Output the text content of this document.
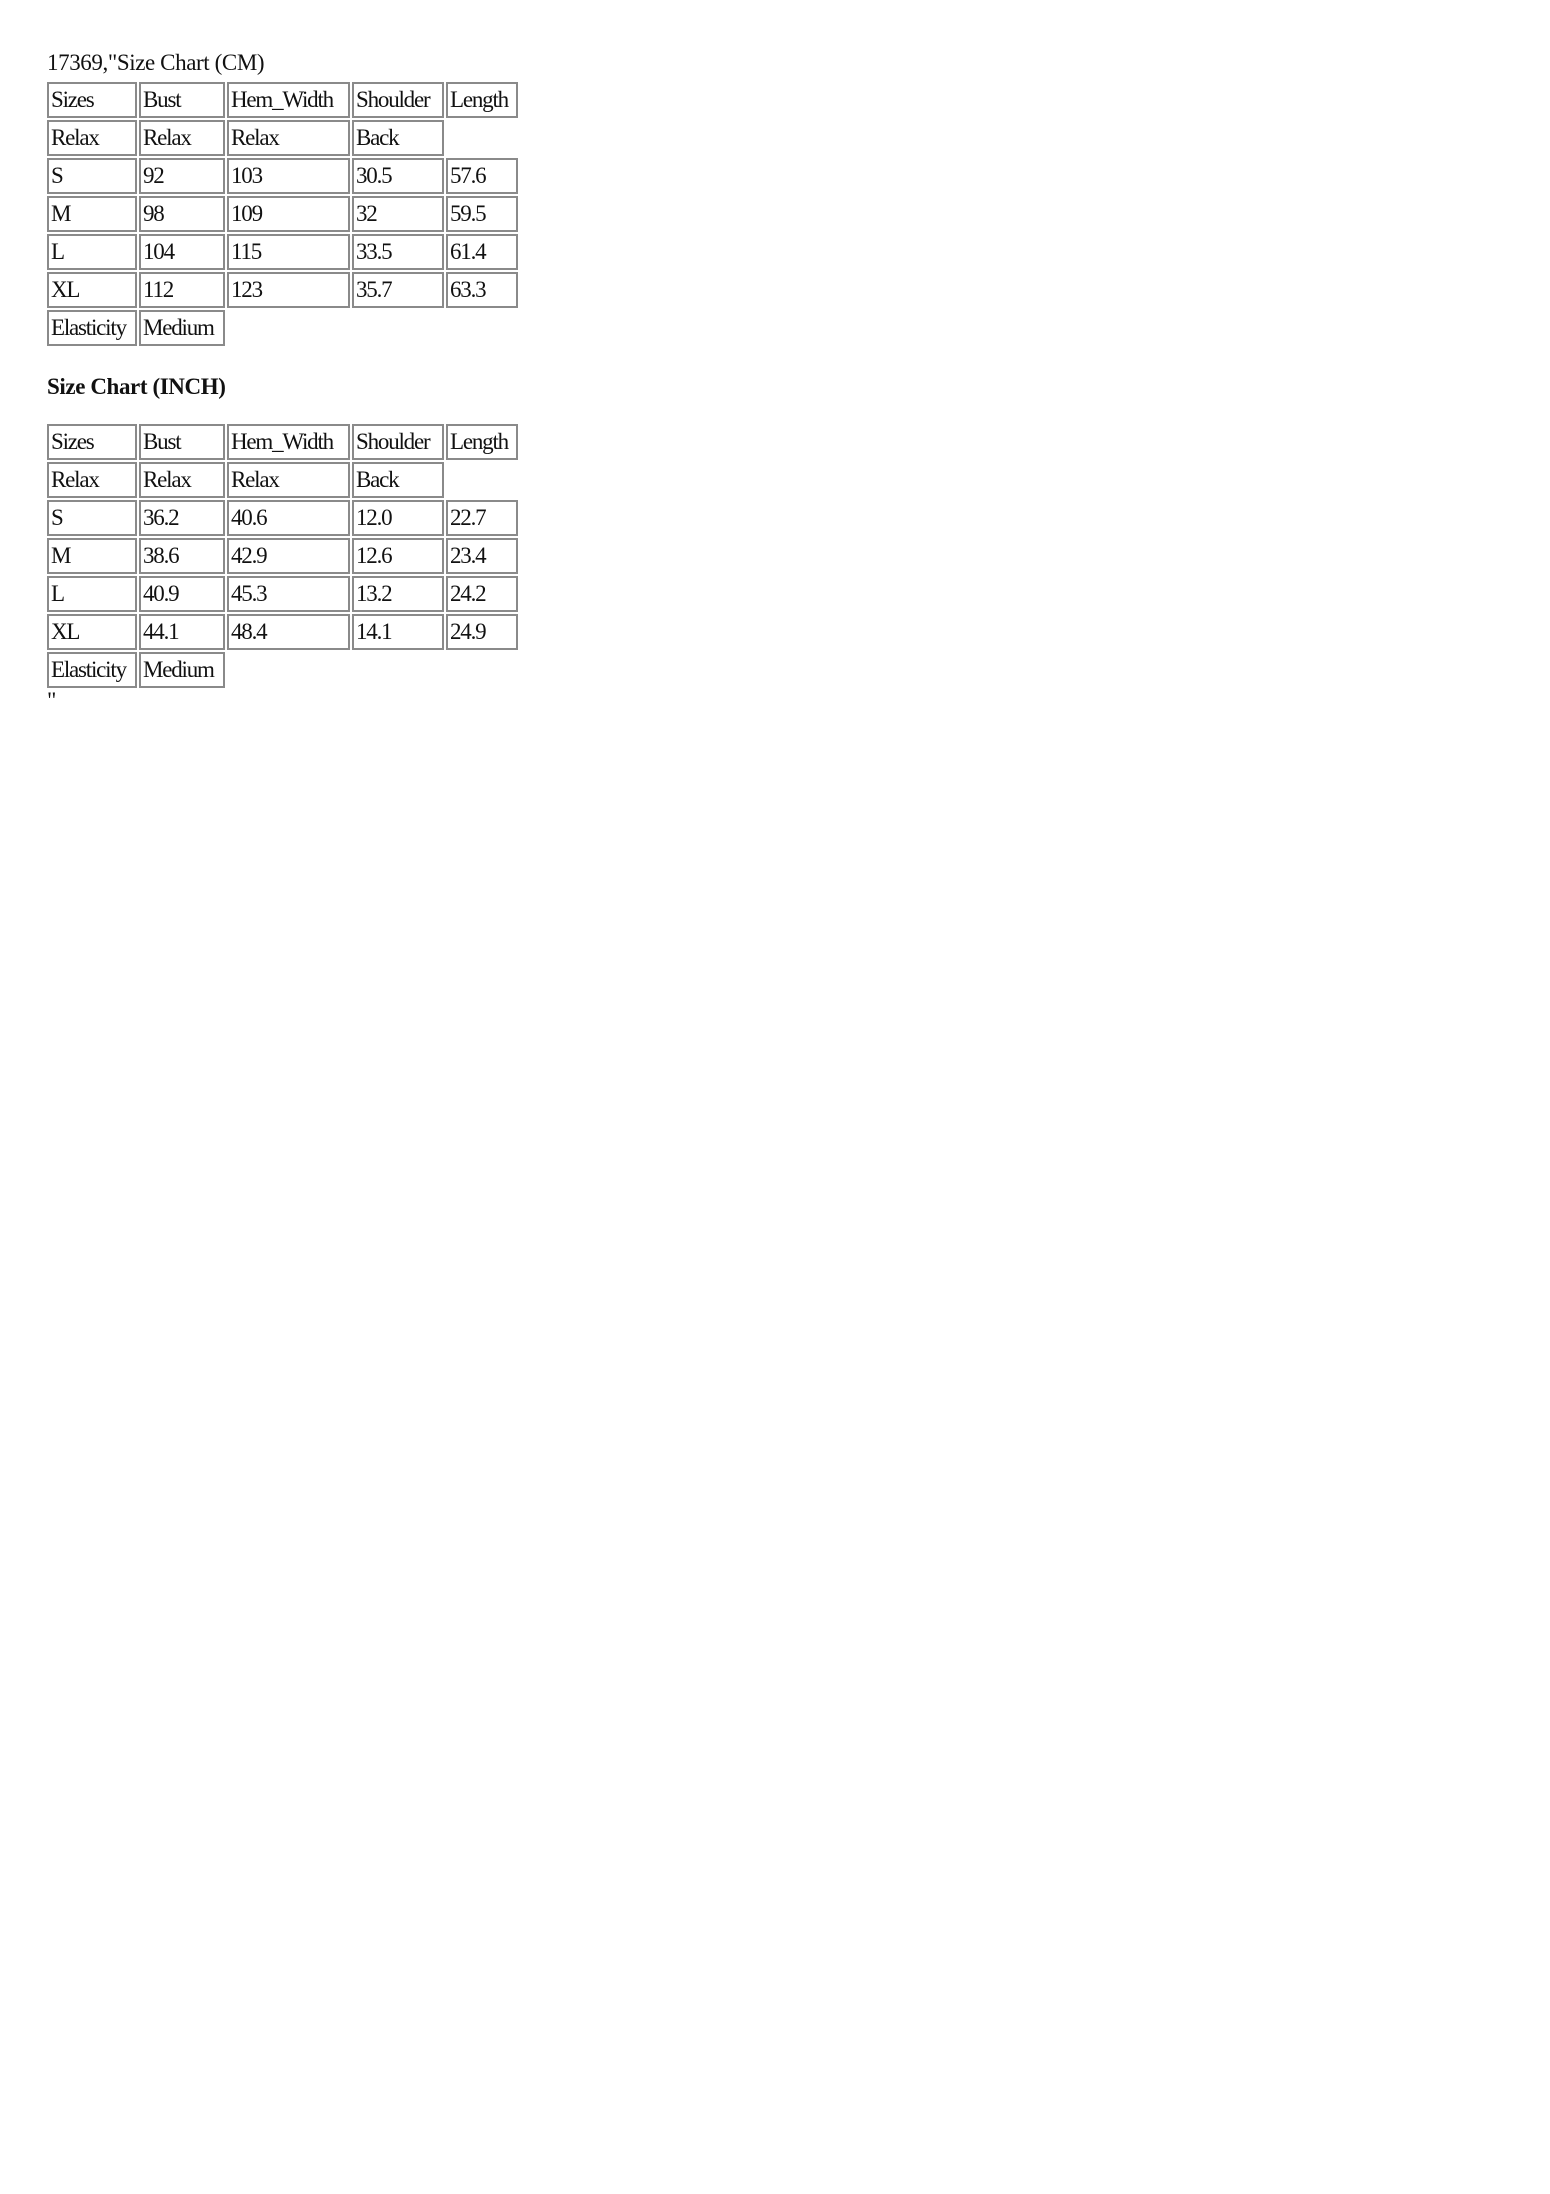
17369,"Size Chart (CM)
Sizes	Bust	Hem_Width	Shoulder	Length
Relax	Relax	Relax	Back	
S	92	103	30.5	57.6
M	98	109	32	59.5
L	104	115	33.5	61.4
XL	112	123	35.7	63.3
Elasticity	Medium			
Size Chart (INCH)
Sizes	Bust	Hem_Width	Shoulder	Length
Relax	Relax	Relax	Back	
S	36.2	40.6	12.0	22.7
M	38.6	42.9	12.6	23.4
L	40.9	45.3	13.2	24.2
XL	44.1	48.4	14.1	24.9
Elasticity	Medium			
"
